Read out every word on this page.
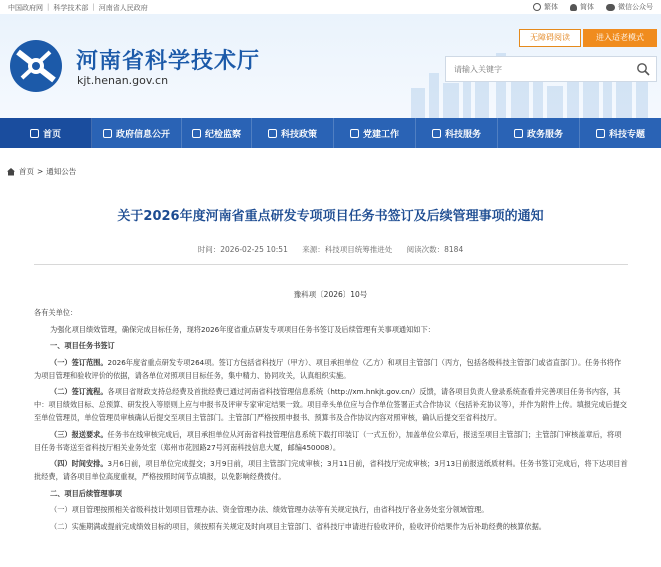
中国政府网 | 科学技术部 | 河南省人民政府	繁体	简体	微信公众号
河南省科学技术厅
kjt.henan.gov.cn
无障碍阅读	进入适老模式
请输入关键字
首页	政府信息公开	纪检监察	科技政策	党建工作	科技服务	政务服务	科技专题
首页 > 通知公告
关于2026年度河南省重点研发专项项目任务书签订及后续管理事项的通知
时间：2026-02-25 10:51 来源：科技项目统筹推进处 阅读次数：8184
豫科项〔2026〕10号

各有关单位：

为强化项目绩效管理，确保完成目标任务，现将2026年度省重点研发专项项目任务书签订及后续管理有关事项通知如下：

一、项目任务书签订

（一）签订范围。2026年度省重点研发专项264项。签订方包括省科技厅（甲方）、项目承担单位（乙方）和项目主管部门（丙方，包括各级科技主管部门或省直部门）。任务书将作为项目管理和验收评价的依据，请各单位对照项目目标任务，集中精力、协同攻关，认真组织实施。

（二）签订流程。各项目省财政支持总经费及首批经费已通过河南省科技管理信息系统（http://xm.hnkjt.gov.cn/）反馈，请各项目负责人登录系统查看并完善项目任务书内容，其中：项目绩效目标、总预算、研发投入等原则上应与申报书及评审专家审定结果一致。项目牵头单位应与合作单位签署正式合作协议（包括补充协议等），并作为附件上传。填报完成后提交至单位管理员，单位管理员审核确认后提交至项目主管部门。主管部门严格按照申报书、预算书及合作协议内容对照审核，确认后提交至省科技厅。

（三）报送要求。任务书在线审核完成后，项目承担单位从河南省科技管理信息系统下载打印装订（一式五份），加盖单位公章后，报送至项目主管部门；主管部门审核盖章后，将项目任务书寄送至省科技厅相关业务处室（郑州市花园路27号河南科技信息大厦，邮编450008）。

（四）时间安排。3月6日前，项目单位完成提交；3月9日前，项目主管部门完成审核；3月11日前，省科技厅完成审核；3月13日前报送纸质材料。任务书签订完成后，将下达项目首批经费，请各项目单位高度重视，严格按照时间节点填报，以免影响经费拨付。

二、项目后续管理事项

（一）项目管理按照相关省级科技计划项目管理办法、资金管理办法、绩效管理办法等有关规定执行，由省科技厅各业务处室分领域管理。

（二）实施期满或提前完成绩效目标的项目，须按照有关规定及时向项目主管部门、省科技厅申请进行验收评价，验收评价结果作为后补助经费的核算依据。
